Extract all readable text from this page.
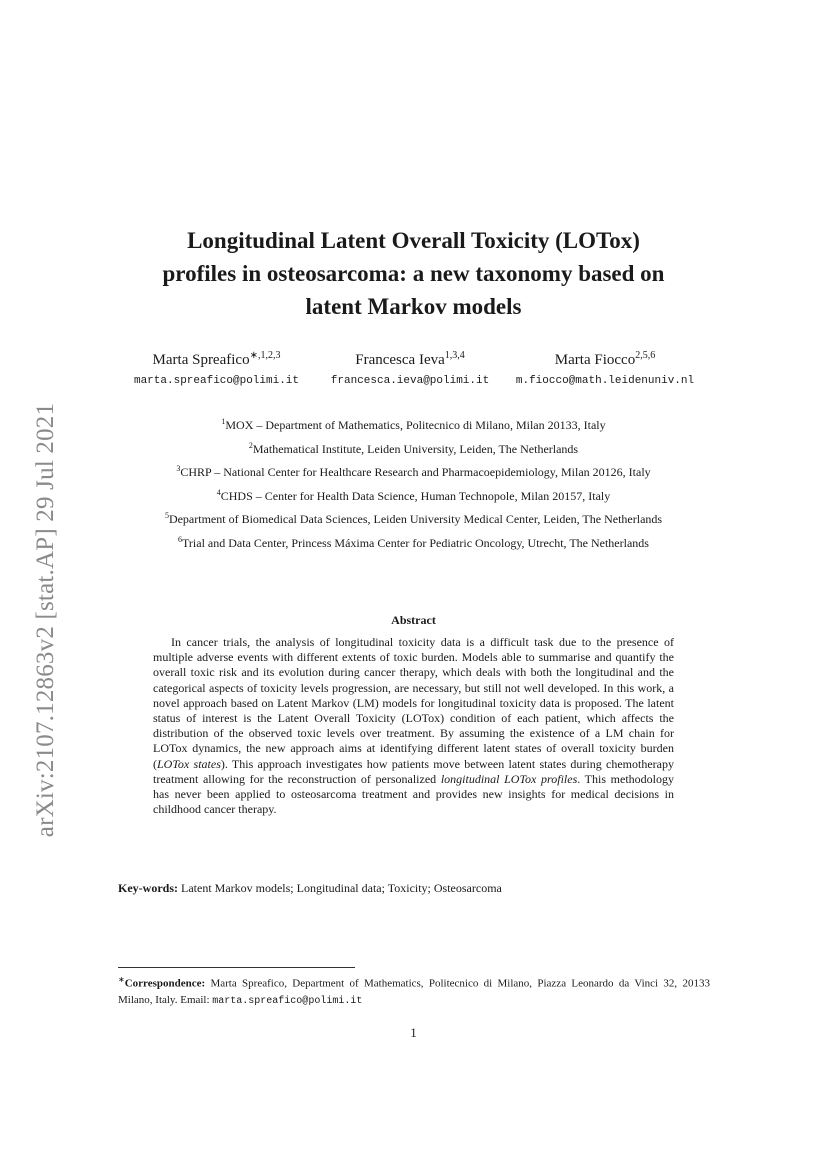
arXiv:2107.12863v2 [stat.AP] 29 Jul 2021
Longitudinal Latent Overall Toxicity (LOTox)
profiles in osteosarcoma: a new taxonomy based on
latent Markov models
Marta Spreafico$^{∗,1,2,3}$
marta.spreafico@polimi.it
Francesca Ieva$^{1,3,4}$
francesca.ieva@polimi.it
Marta Fiocco$^{2,5,6}$
m.fiocco@math.leidenuniv.nl
$^1$MOX – Department of Mathematics, Politecnico di Milano, Milan 20133, Italy
$^2$Mathematical Institute, Leiden University, Leiden, The Netherlands
$^3$CHRP – National Center for Healthcare Research and Pharmacoepidemiology, Milan 20126, Italy
$^4$CHDS – Center for Health Data Science, Human Technopole, Milan 20157, Italy
$^5$Department of Biomedical Data Sciences, Leiden University Medical Center, Leiden, The Netherlands
$^6$Trial and Data Center, Princess Máxima Center for Pediatric Oncology, Utrecht, The Netherlands
Abstract

In cancer trials, the analysis of longitudinal toxicity data is a difficult task due to the presence of multiple adverse events with different extents of toxic burden. Models able to summarise and quantify the overall toxic risk and its evolution during cancer therapy, which deals with both the longitudinal and the categorical aspects of toxicity levels progression, are necessary, but still not well developed. In this work, a novel approach based on Latent Markov (LM) models for longitudinal toxicity data is proposed. The latent status of interest is the Latent Overall Toxicity (LOTox) condition of each patient, which affects the distribution of the observed toxic levels over treatment. By assuming the existence of a LM chain for LOTox dynamics, the new approach aims at identifying different latent states of overall toxicity burden (LOTox states). This approach investigates how patients move between latent states during chemotherapy treatment allowing for the reconstruction of personalized longitudinal LOTox profiles. This methodology has never been applied to osteosarcoma treatment and provides new insights for medical decisions in childhood cancer therapy.

Key-words: Latent Markov models; Longitudinal data; Toxicity; Osteosarcoma
∗Correspondence: Marta Spreafico, Department of Mathematics, Politecnico di Milano, Piazza Leonardo da Vinci 32, 20133 Milano, Italy. Email: marta.spreafico@polimi.it
1
